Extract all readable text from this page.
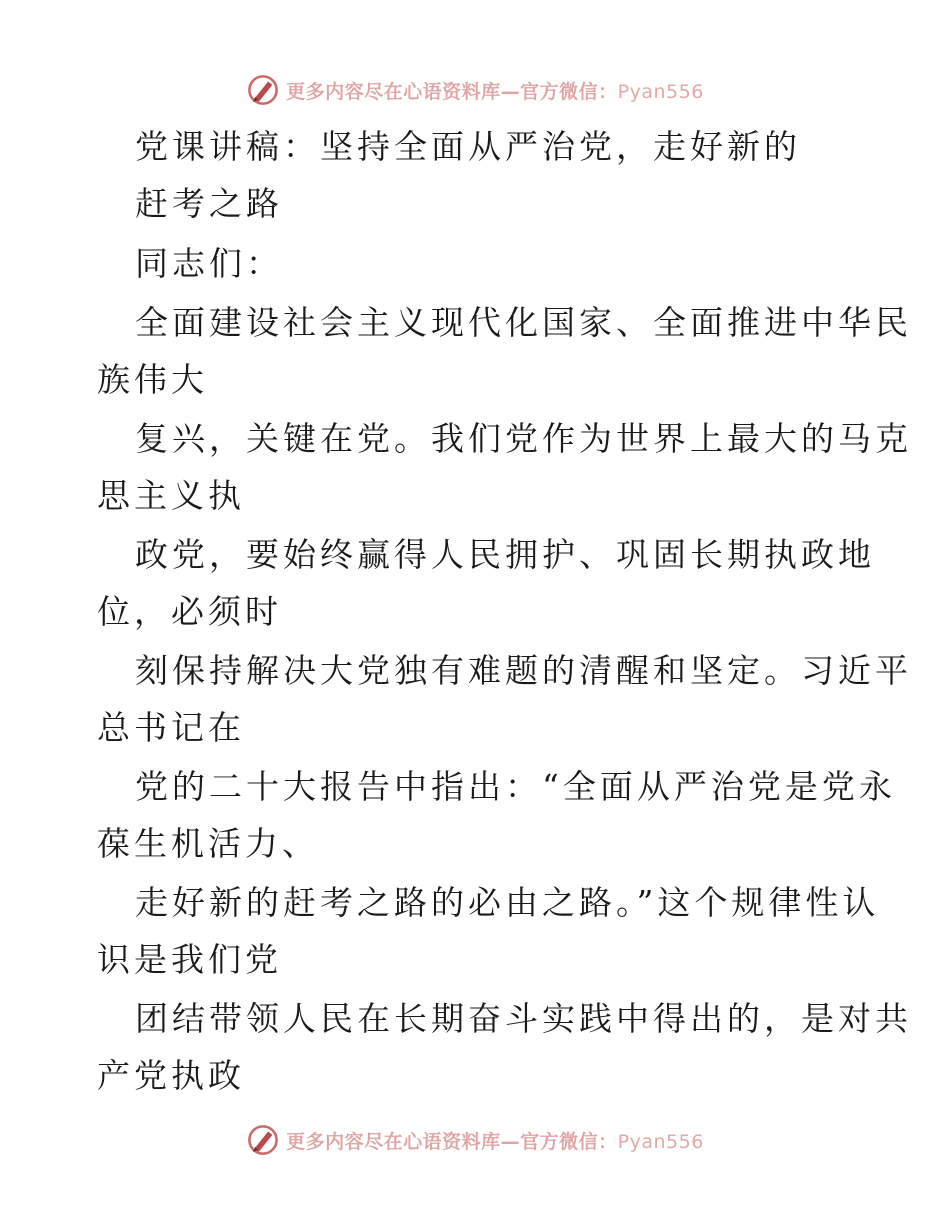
更多内容尽在心语资料库—官方微信：Pyan556
党课讲稿：坚持全面从严治党，走好新的
赶考之路
同志们：
全面建设社会主义现代化国家、全面推进中华民
族伟大
复兴，关键在党。我们党作为世界上最大的马克
思主义执
政党，要始终赢得人民拥护、巩固长期执政地
位，必须时
刻保持解决大党独有难题的清醒和坚定。习近平
总书记在
党的二十大报告中指出：“全面从严治党是党永
葆生机活力、
走好新的赶考之路的必由之路。”这个规律性认
识是我们党
团结带领人民在长期奋斗实践中得出的，是对共
产党执政
更多内容尽在心语资料库—官方微信：Pyan556
